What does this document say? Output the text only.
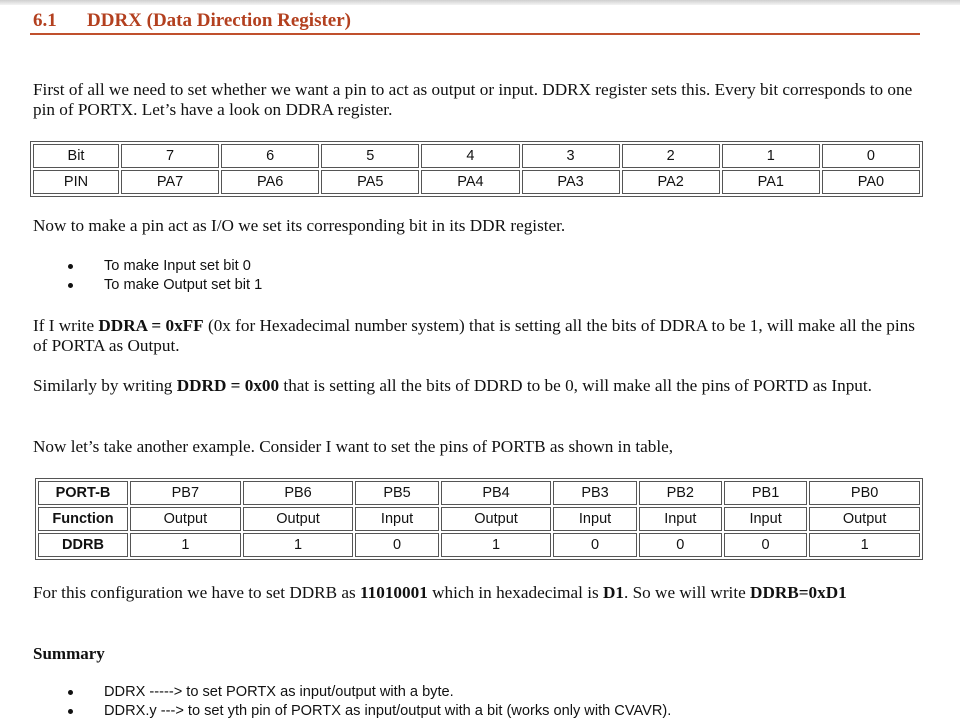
6.1 DDRX (Data Direction Register)
First of all we need to set whether we want a pin to act as output or input. DDRX register sets this. Every bit corresponds to one pin of PORTX. Let’s have a look on DDRA register.
Bit	7	6	5	4	3	2	1	0
PIN	PA7	PA6	PA5	PA4	PA3	PA2	PA1	PA0
Now to make a pin act as I/O we set its corresponding bit in its DDR register.
To make Input set bit 0
To make Output set bit 1
If I write DDRA = 0xFF (0x for Hexadecimal number system) that is setting all the bits of DDRA to be 1, will make all the pins of PORTA as Output.
Similarly by writing DDRD = 0x00 that is setting all the bits of DDRD to be 0, will make all the pins of PORTD as Input.
Now let’s take another example. Consider I want to set the pins of PORTB as shown in table,
PORT-B	PB7	PB6	PB5	PB4	PB3	PB2	PB1	PB0
Function	Output	Output	Input	Output	Input	Input	Input	Output
DDRB	1	1	0	1	0	0	0	1
For this configuration we have to set DDRB as 11010001 which in hexadecimal is D1. So we will write DDRB=0xD1
Summary
DDRX -----> to set PORTX as input/output with a byte.
DDRX.y ---> to set yth pin of PORTX as input/output with a bit (works only with CVAVR).
